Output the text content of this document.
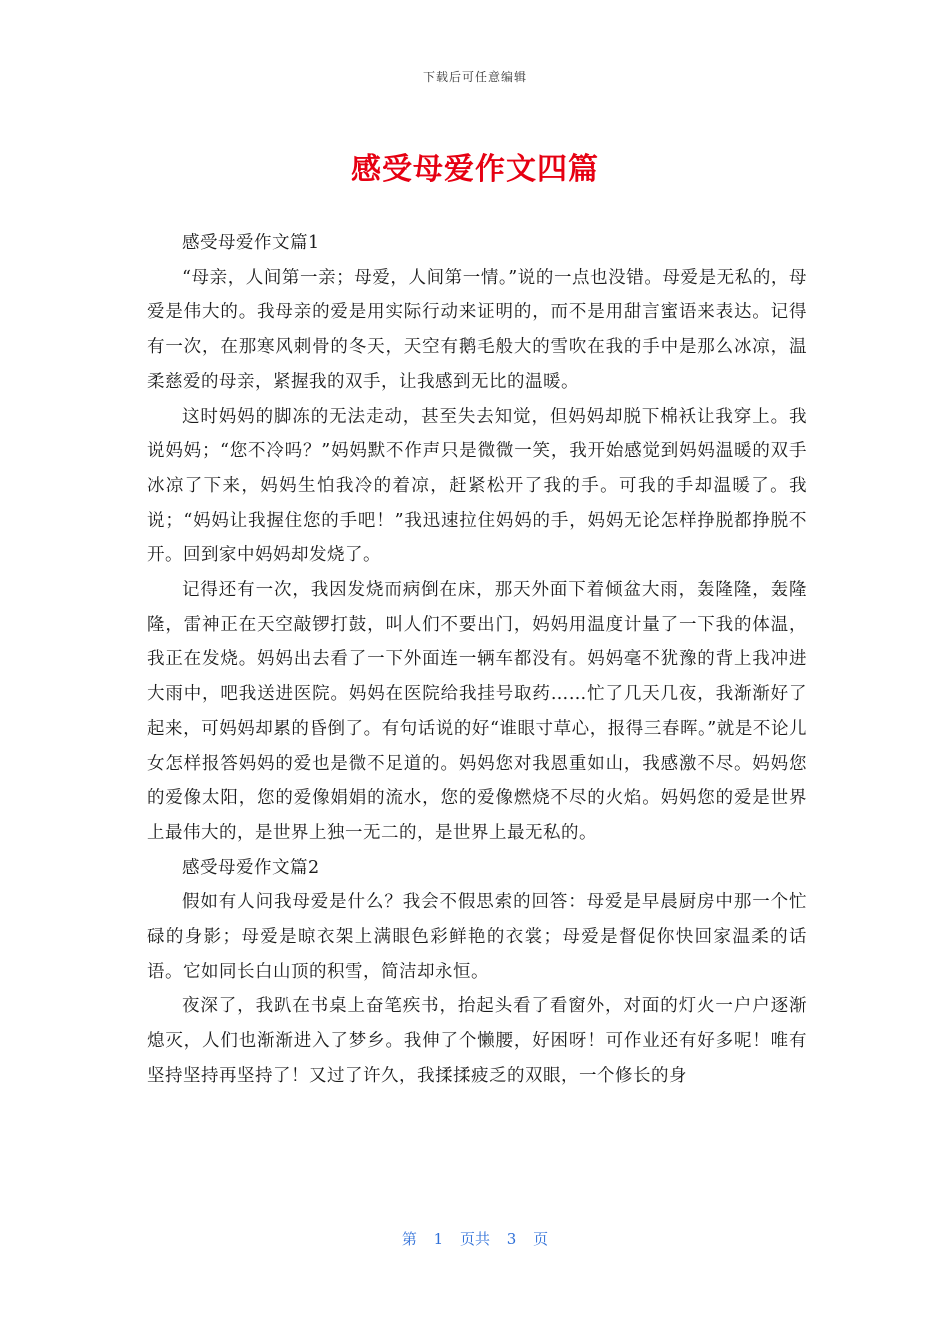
下载后可任意编辑
感受母爱作文四篇

感受母爱作文篇1

“母亲，人间第一亲；母爱，人间第一情。”说的一点也没错。母爱是无私的，母爱是伟大的。我母亲的爱是用实际行动来证明的，而不是用甜言蜜语来表达。记得有一次，在那寒风刺骨的冬天，天空有鹅毛般大的雪吹在我的手中是那么冰凉，温柔慈爱的母亲，紧握我的双手，让我感到无比的温暖。

这时妈妈的脚冻的无法走动，甚至失去知觉，但妈妈却脱下棉袄让我穿上。我说妈妈；“您不冷吗？”妈妈默不作声只是微微一笑，我开始感觉到妈妈温暖的双手冰凉了下来，妈妈生怕我冷的着凉，赶紧松开了我的手。可我的手却温暖了。我说；“妈妈让我握住您的手吧！”我迅速拉住妈妈的手，妈妈无论怎样挣脱都挣脱不开。回到家中妈妈却发烧了。

记得还有一次，我因发烧而病倒在床，那天外面下着倾盆大雨，轰隆隆，轰隆隆，雷神正在天空敲锣打鼓，叫人们不要出门，妈妈用温度计量了一下我的体温，我正在发烧。妈妈出去看了一下外面连一辆车都没有。妈妈毫不犹豫的背上我冲进大雨中，吧我送进医院。妈妈在医院给我挂号取药……忙了几天几夜，我渐渐好了起来，可妈妈却累的昏倒了。有句话说的好“谁眼寸草心，报得三春晖。”就是不论儿女怎样报答妈妈的爱也是微不足道的。妈妈您对我恩重如山，我感激不尽。妈妈您的爱像太阳，您的爱像娟娟的流水，您的爱像燃烧不尽的火焰。妈妈您的爱是世界上最伟大的，是世界上独一无二的，是世界上最无私的。

感受母爱作文篇2

假如有人问我母爱是什么？我会不假思索的回答：母爱是早晨厨房中那一个忙碌的身影；母爱是晾衣架上满眼色彩鲜艳的衣裳；母爱是督促你快回家温柔的话语。它如同长白山顶的积雪，简洁却永恒。

夜深了，我趴在书桌上奋笔疾书，抬起头看了看窗外，对面的灯火一户户逐渐熄灭，人们也渐渐进入了梦乡。我伸了个懒腰，好困呀！可作业还有好多呢！唯有坚持坚持再坚持了！又过了许久，我揉揉疲乏的双眼，一个修长的身

第 1 页共 3 页
